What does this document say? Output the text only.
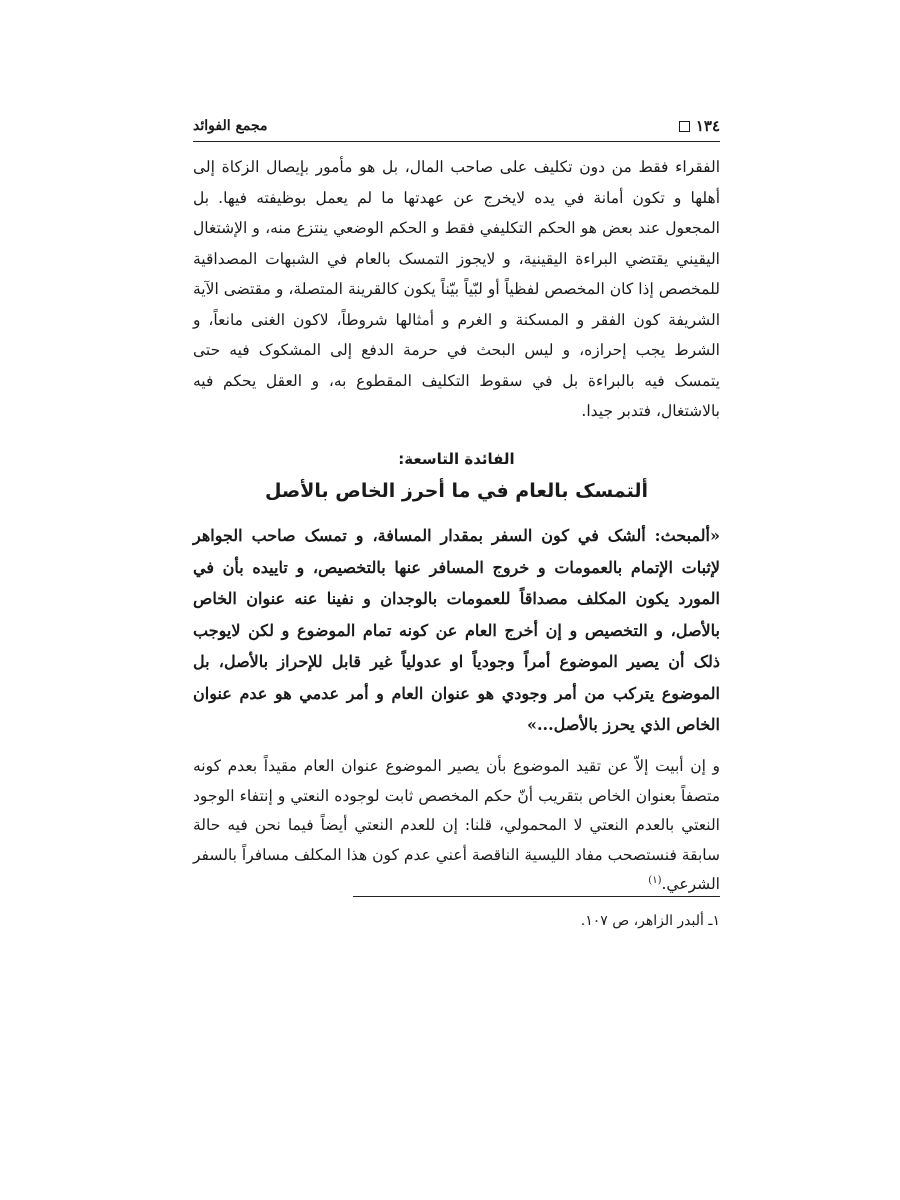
١٣٤
مجمع الفوائد

الفقراء فقط من دون تكليف على صاحب المال، بل هو مأمور بإيصال الزكاة إلى أهلها و تكون أمانة في يده لايخرج عن عهدتها ما لم يعمل بوظيفته فيها. بل المجعول عند بعض هو الحكم التكليفي فقط و الحكم الوضعي ينتزع منه، و الإشتغال اليقيني يقتضي البراءة اليقينية، و لايجوز التمسک بالعام في الشبهات المصداقية للمخصص إذا كان المخصص لفظياً أو لبّياً بيّناً يكون كالقرينة المتصلة، و مقتضى الآية الشريفة كون الفقر و المسكنة و الغرم و أمثالها شروطاً، لاكون الغنى مانعاً، و الشرط يجب إحرازه، و ليس البحث في حرمة الدفع إلى المشكوک فيه حتى يتمسک فيه بالبراءة بل في سقوط التكليف المقطوع به، و العقل يحكم فيه بالاشتغال، فتدبر جيدا.

الفائدة التاسعة:

ألتمسک بالعام في ما أحرز الخاص بالأصل

«ألمبحث: ألشک في كون السفر بمقدار المسافة، و تمسک صاحب الجواهر لإثبات الإتمام بالعمومات و خروج المسافر عنها بالتخصيص، و تاييده بأن في المورد يكون المكلف مصداقاً للعمومات بالوجدان و نفينا عنه عنوان الخاص بالأصل، و التخصيص و إن أخرج العام عن كونه تمام الموضوع و لكن لايوجب ذلک أن يصير الموضوع أمراً وجودياً او عدولياً غير قابل للإحراز بالأصل، بل الموضوع يتركب من أمر وجودي هو عنوان العام و أمر عدمي هو عدم عنوان الخاص الذي يحرز بالأصل...»

و إن أبيت إلاّ عن تقيد الموضوع بأن يصير الموضوع عنوان العام مقيداً بعدم كونه متصفاً بعنوان الخاص بتقريب أنّ حكم المخصص ثابت لوجوده النعتي و إنتفاء الوجود النعتي بالعدم النعتي لا المحمولي، قلنا: إن للعدم النعتي أيضاً فيما نحن فيه حالة سابقة فنستصحب مفاد الليسية الناقصة أعني عدم كون هذا المكلف مسافراً بالسفر الشرعي.$^{(١)}$

١ـ ألبدر الزاهر، ص ١٠٧.
